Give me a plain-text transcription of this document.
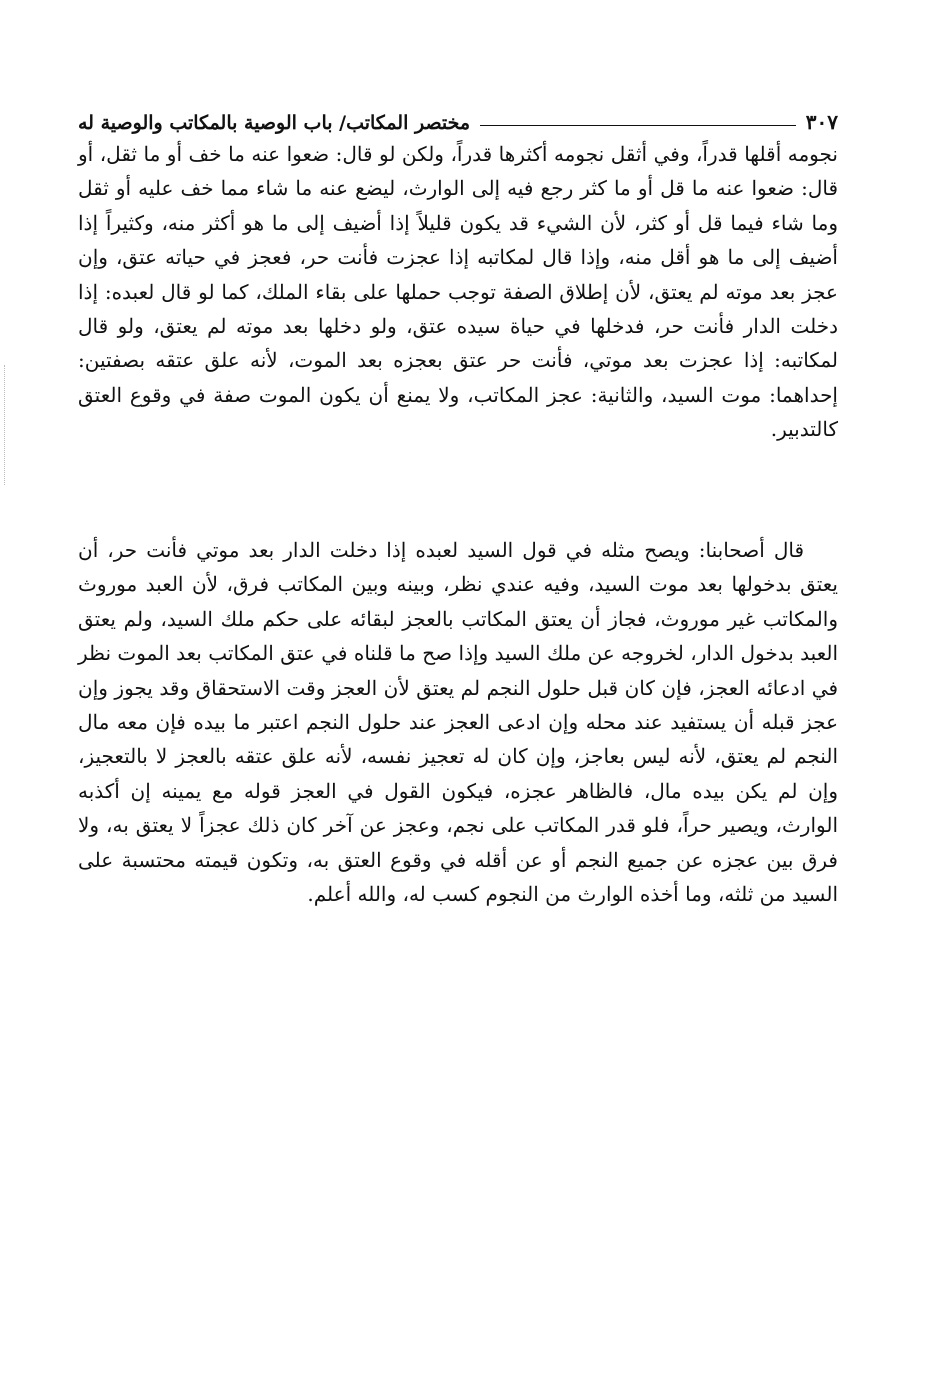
مختصر المكاتب/ باب الوصية بالمكاتب والوصية له	٣٠٧

نجومه أقلها قدراً، وفي أثقل نجومه أكثرها قدراً، ولكن لو قال: ضعوا عنه ما خف أو ما ثقل، أو قال: ضعوا عنه ما قل أو ما كثر رجع فيه إلى الوارث، ليضع عنه ما شاء مما خف عليه أو ثقل وما شاء فيما قل أو كثر، لأن الشيء قد يكون قليلاً إذا أضيف إلى ما هو أكثر منه، وكثيراً إذا أضيف إلى ما هو أقل منه، وإذا قال لمكاتبه إذا عجزت فأنت حر، فعجز في حياته عتق، وإن عجز بعد موته لم يعتق، لأن إطلاق الصفة توجب حملها على بقاء الملك، كما لو قال لعبده: إذا دخلت الدار فأنت حر، فدخلها في حياة سيده عتق، ولو دخلها بعد موته لم يعتق، ولو قال لمكاتبه: إذا عجزت بعد موتي، فأنت حر عتق بعجزه بعد الموت، لأنه علق عتقه بصفتين: إحداهما: موت السيد، والثانية: عجز المكاتب، ولا يمنع أن يكون الموت صفة في وقوع العتق كالتدبير.

قال أصحابنا: ويصح مثله في قول السيد لعبده إذا دخلت الدار بعد موتي فأنت حر، أن يعتق بدخولها بعد موت السيد، وفيه عندي نظر، وبينه وبين المكاتب فرق، لأن العبد موروث والمكاتب غير موروث، فجاز أن يعتق المكاتب بالعجز لبقائه على حكم ملك السيد، ولم يعتق العبد بدخول الدار، لخروجه عن ملك السيد وإذا صح ما قلناه في عتق المكاتب بعد الموت نظر في ادعائه العجز، فإن كان قبل حلول النجم لم يعتق لأن العجز وقت الاستحقاق وقد يجوز وإن عجز قبله أن يستفيد عند محله وإن ادعى العجز عند حلول النجم اعتبر ما بيده فإن معه مال النجم لم يعتق، لأنه ليس بعاجز، وإن كان له تعجيز نفسه، لأنه علق عتقه بالعجز لا بالتعجيز، وإن لم يكن بيده مال، فالظاهر عجزه، فيكون القول في العجز قوله مع يمينه إن أكذبه الوارث، ويصير حراً، فلو قدر المكاتب على نجم، وعجز عن آخر كان ذلك عجزاً لا يعتق به، ولا فرق بين عجزه عن جميع النجم أو عن أقله في وقوع العتق به، وتكون قيمته محتسبة على السيد من ثلثه، وما أخذه الوارث من النجوم كسب له، والله أعلم.
